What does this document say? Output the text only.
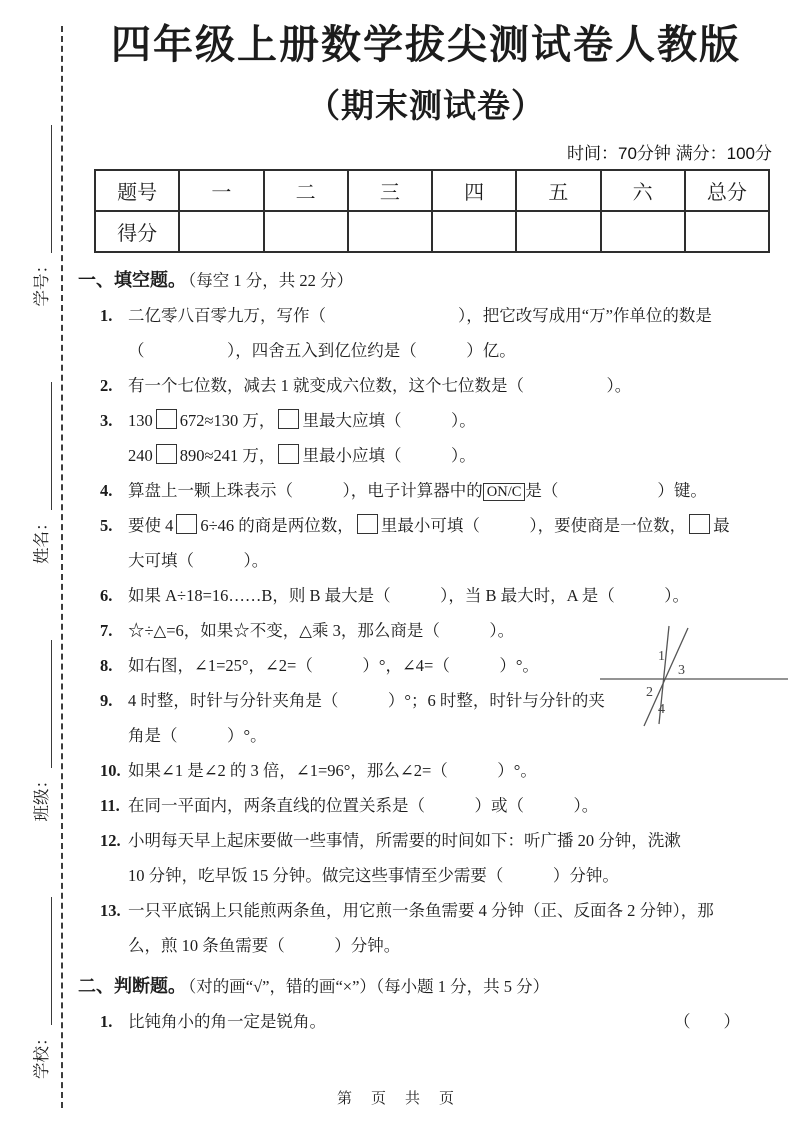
学校：
班级：
姓名：
学号：
四年级上册数学拔尖测试卷人教版
（期末测试卷）
时间：70分钟 满分：100分
题号	一	二	三	四	五	六	总分
得分							
一、填空题。 （每空 1 分，共 22 分）
1. 二亿零八百零九万，写作（　　　　　　　　），把它改写成用“万”作单位的数是
（　　　　　），四舍五入到亿位约是（　　　）亿。
2. 有一个七位数，减去 1 就变成六位数，这个七位数是（　　　　　）。
3. 130 672≈130 万， 里最大应填（　　　）。
240 890≈241 万， 里最小应填（　　　）。
4. 算盘上一颗上珠表示（　　　），电子计算器中的 ON/C 是（　　　　　　）键。
5. 要使 4 6÷46 的商是两位数， 里最小可填（　　　），要使商是一位数， 最
大可填（　　　）。
6. 如果 A÷18=16……B，则 B 最大是（　　　），当 B 最大时，A 是（　　　）。
7. ☆÷△=6，如果☆不变，△乘 3，那么商是（　　　）。
8. 如右图，∠1=25°，∠2=（　　　）°，∠4=（　　　）°。
9. 4 时整，时针与分针夹角是（　　　）°；6 时整，时针与分针的夹
角是（　　　）°。
10. 如果∠1 是∠2 的 3 倍，∠1=96°，那么∠2=（　　　）°。
11. 在同一平面内，两条直线的位置关系是（　　　）或（　　　）。
12. 小明每天早上起床要做一些事情，所需要的时间如下：听广播 20 分钟，洗漱
10 分钟，吃早饭 15 分钟。做完这些事情至少需要（　　　）分钟。
13. 一只平底锅上只能煎两条鱼，用它煎一条鱼需要 4 分钟（正、反面各 2 分钟），那
么，煎 10 条鱼需要（　　　）分钟。
二、判断题。 （对的画“√”，错的画“×”）（每小题 1 分，共 5 分）
1. 比钝角小的角一定是锐角。	（　　）
1
2
3
4
第　页　共　页
